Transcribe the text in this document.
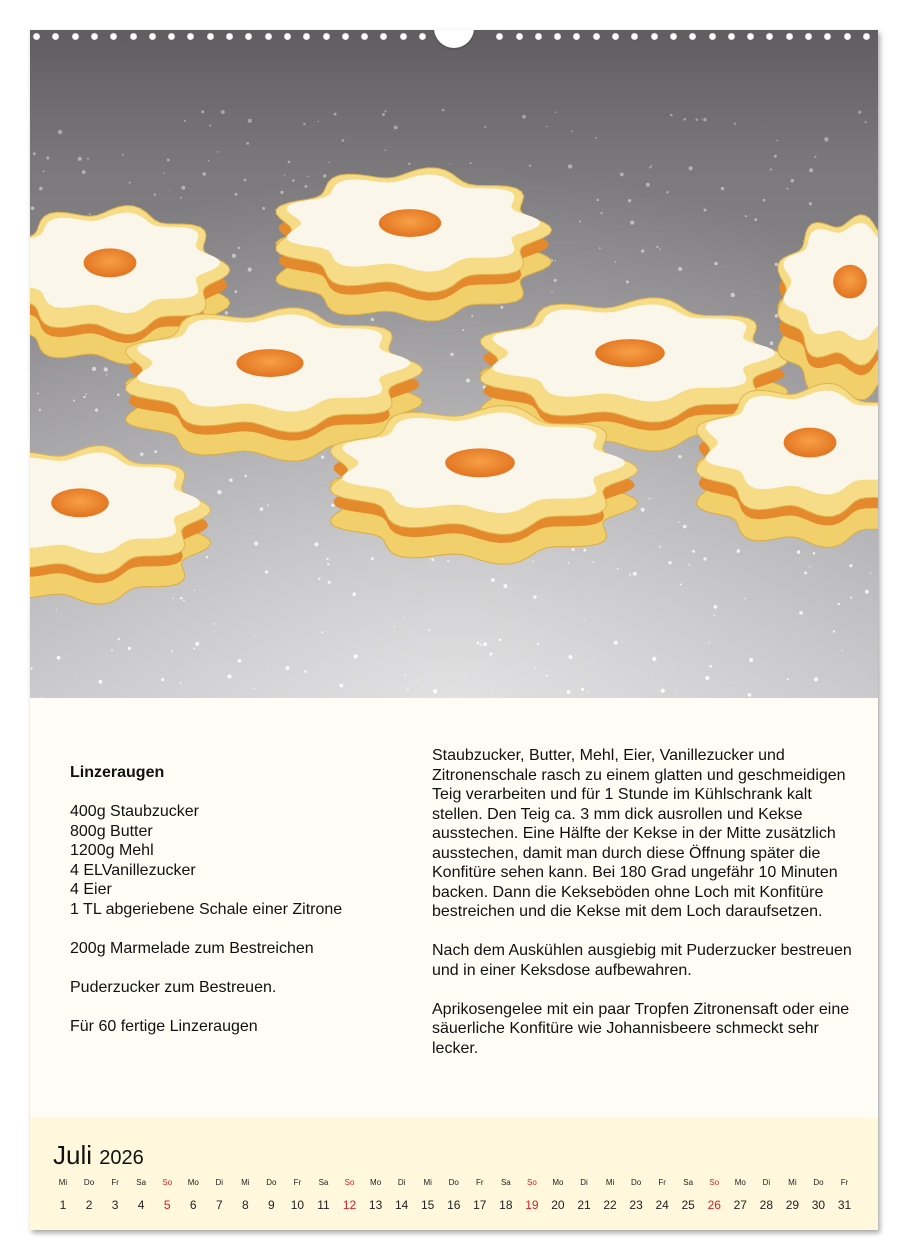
Linzeraugen
400g Staubzucker
800g Butter
1200g Mehl
4 ELVanillezucker
4 Eier
1 TL abgeriebene Schale einer Zitrone
200g Marmelade zum Bestreichen
Puderzucker zum Bestreuen.
Für 60 fertige Linzeraugen

Staubzucker, Butter, Mehl, Eier, Vanillezucker und Zitronenschale rasch zu einem glatten und geschmeidigen Teig verarbeiten und für 1 Stunde im Kühlschrank kalt stellen. Den Teig ca. 3 mm dick ausrollen und Kekse ausstechen. Eine Hälfte der Kekse in der Mitte zusätzlich ausstechen, damit man durch diese Öffnung später die Konfitüre sehen kann. Bei 180 Grad ungefähr 10 Minuten backen. Dann die Kekseböden ohne Loch mit Konfitüre bestreichen und die Kekse mit dem Loch daraufsetzen.

Nach dem Auskühlen ausgiebig mit Puderzucker bestreuen und in einer Keksdose aufbewahren.

Aprikosengelee mit ein paar Tropfen Zitronensaft oder eine säuerliche Konfitüre wie Johannisbeere schmeckt sehr lecker.

Juli 2026
Mi
1
Do
2
Fr
3
Sa
4
So
5
Mo
6
Di
7
Mi
8
Do
9
Fr
10
Sa
11
So
12
Mo
13
Di
14
Mi
15
Do
16
Fr
17
Sa
18
So
19
Mo
20
Di
21
Mi
22
Do
23
Fr
24
Sa
25
So
26
Mo
27
Di
28
Mi
29
Do
30
Fr
31
